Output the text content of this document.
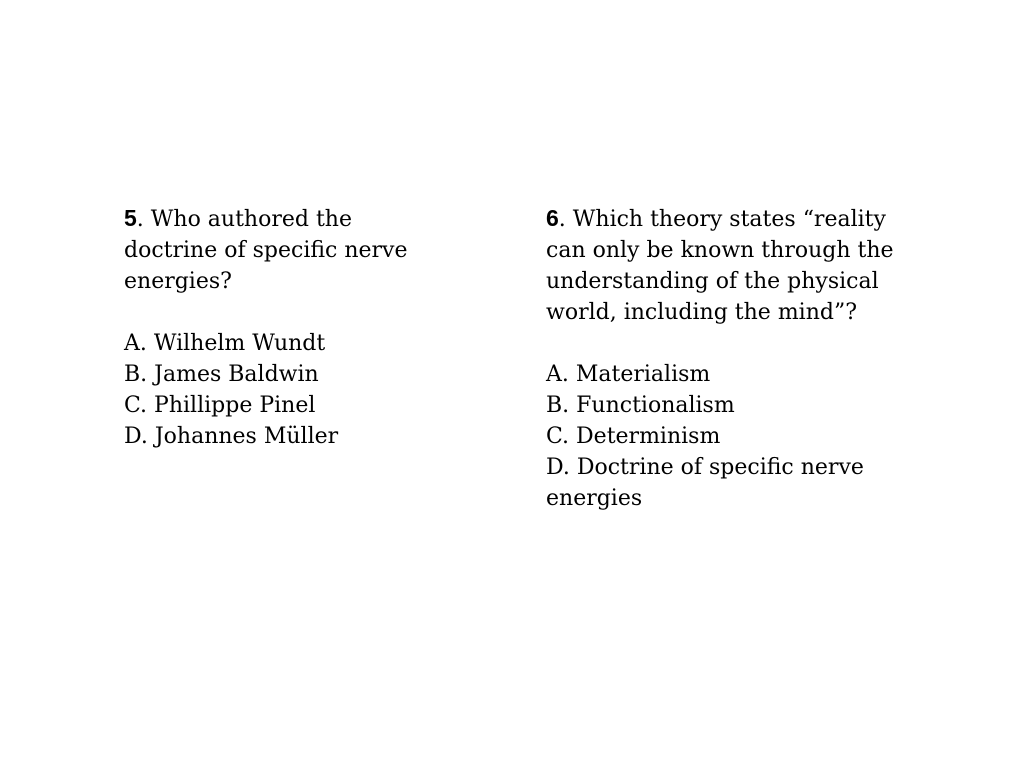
5. Who authored the doctrine of specific nerve energies?

A. Wilhelm Wundt
B. James Baldwin
C. Phillippe Pinel
D. Johannes Müller

6. Which theory states “reality can only be known through the understanding of the physical world, including the mind”?

A. Materialism
B. Functionalism
C. Determinism
D. Doctrine of specific nerve energies
